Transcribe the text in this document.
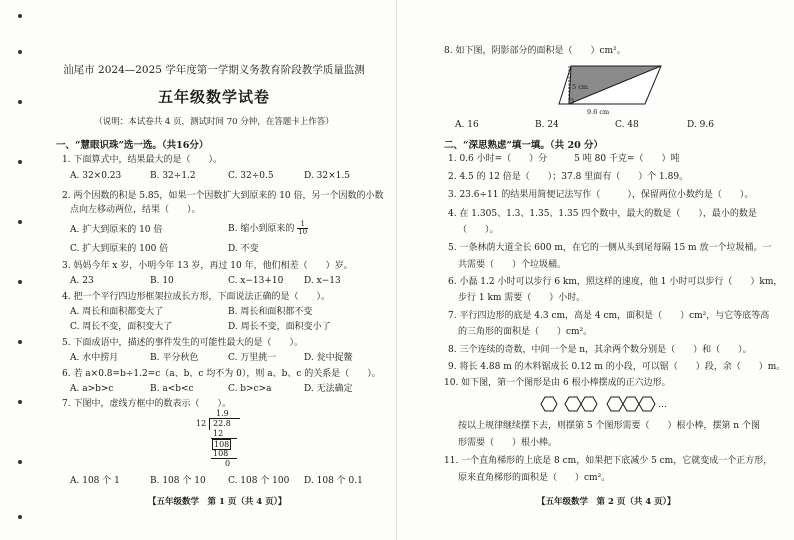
汕尾市 2024—2025 学年度第一学期义务教育阶段教学质量监测
五年级数学试卷
（说明：本试卷共 4 页，测试时间 70 分钟，在答题卡上作答）
一、“慧眼识珠”选一选。（共16分）
1. 下面算式中，结果最大的是（　　）。
A. 32×0.23	B. 32÷1.2	C. 32÷0.5	D. 32×1.5
2. 两个因数的积是 5.85，如果一个因数扩大到原来的 10 倍，另一个因数的小数
点向左移动两位，结果（　　）。
A. 扩大到原来的 10 倍	B. 缩小到原来的 $\frac{1}{10}$
C. 扩大到原来的 100 倍	D. 不变
3. 妈妈今年 x 岁，小明今年 13 岁，再过 10 年，他们相差（　　）岁。
A. 23	B. 10	C. x−13+10 D. x−13
4. 把一个平行四边形框架拉成长方形，下面说法正确的是（　　）。
A. 周长和面积都变大了	B. 周长和面积都不变
C. 周长不变，面积变大了	D. 周长不变，面积变小了
5. 下面成语中，描述的事件发生的可能性最大的是（　　）。
A. 水中捞月	B. 平分秋色	C. 万里挑一	D. 瓮中捉鳖
6. 若 a×0.8=b÷1.2=c（a、b、c 均不为 0），则 a、b、c 的关系是（　　）。
A. a>b>c	B. a<b<c	C. b>c>a	D. 无法确定
7. 下图中，虚线方框中的数表示（　　）。
1.9
12 22.8
12
108
108
0
A. 108 个 1	B. 108 个 10 C. 108 个 100 D. 108 个 0.1
【五年级数学　第 1 页（共 4 页）】
8. 如下图，阴影部分的面积是（　　）cm²。
5 cm
9.6 cm
A. 16	B. 24	C. 48	D. 9.6
二、“深思熟虑”填一填。（共 20 分）
1. 0.6 小时=（　　）分　　　5 吨 80 千克=（　　）吨
2. 4.5 的 12 倍是（　　）；37.8 里面有（　　）个 1.89。
3. 23.6÷11 的结果用简便记法写作（　　　），保留两位小数约是（　　）。
4. 在 1.305、1.3、1.35、1.35 四个数中，最大的数是（　　），最小的数是
（　　）。
5. 一条林荫大道全长 600 m，在它的一侧从头到尾每隔 15 m 放一个垃圾桶。一
共需要（　　）个垃圾桶。
6. 小磊 1.2 小时可以步行 6 km，照这样的速度，他 1 小时可以步行（　　）km，
步行 1 km 需要（　　）小时。
7. 平行四边形的底是 4.3 cm，高是 4 cm，面积是（　　）cm²，与它等底等高
的三角形的面积是（　　）cm²。
8. 三个连续的奇数，中间一个是 n，其余两个数分别是（　　）和（　　）。
9. 将长 4.88 m 的木料锯成长 0.12 m 的小段，可以锯（　　）段，余（　　）m。
10. 如下图，第一个图形是由 6 根小棒摆成的正六边形。
…
按以上规律继续摆下去，则摆第 5 个图形需要（　　）根小棒，摆第 n 个图
形需要（　　）根小棒。
11. 一个直角梯形的上底是 8 cm，如果把下底减少 5 cm，它就变成一个正方形，
原来直角梯形的面积是（　　）cm²。
【五年级数学　第 2 页（共 4 页）】
